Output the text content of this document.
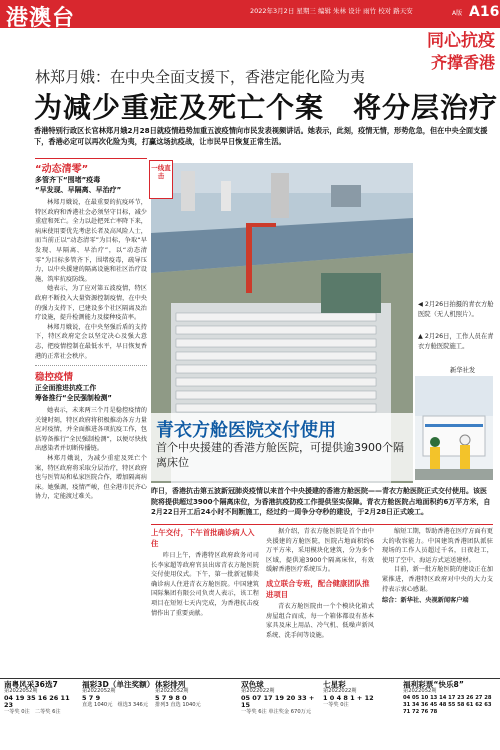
港澳台	2022年3月2日 星期三 编辑 朱林 设计 雨竹 校对 路天安	A版 A16
同心抗疫
齐撑香港
林郑月娥：在中央全面支援下，香港定能化险为夷
为减少重症及死亡个案　将分层治疗
香港特别行政区长官林郑月娥2月28日就疫情趋势加重五波疫情向市民发表视频讲话。她表示，此刻，疫情无情，形势危急，但在中央全面支援下，香港必定可以再次化险为夷，打赢这场抗疫战，让市民早日恢复正常生活。
“动态清零”
多管齐下“围堵”疫毒
“早发现、早隔离、早治疗”
林郑月娥说，在最重要的抗疫环节，特区政府和香港社会必须坚守目标，减少重症和死亡。全力以赴把死亡率降下来，病床使用要优先考虑长者及高风险人士，而当前正以“动态清零”为目标，争取“早发现、早隔离、早治疗”，以“动态清零”为目标多管齐下，围堵疫毒，疏导压力，以中央援建的隔离设施和社区治疗设施，筑牢抗疫防线。
她表示，为了应对第五波疫情，特区政府不断投入大量资源控制疫情，在中央的强力支持下，已建设多个社区隔离及治疗设施，提升检测能力及接种疫苗率。
林郑月娥说，在中央坚强后盾的支持下，特区政府定会以坚定决心及强大意志，把疫情控制在最低水平，早日恢复香港的正常社会秩序。
稳控疫情
正全面推进抗疫工作
筹备推行“全民强制检测”
她表示，未来两三个月是稳控疫情的关键时刻，特区政府将积极推动各方力量应对疫情，并全面推进各项抗疫工作，包括筹备推行“全民强制检测”，以便尽快找出感染者并切断传播链。
林郑月娥说，为减少重症及死亡个案，特区政府将采取分层治疗，特区政府也与医管局和私家医院合作，增加隔离病床。她强调，疫情严峻，但全港市民齐心协力，定能渡过难关。
一线直击
青衣方舱医院交付使用
首个中央援建的香港方舱医院，可提供逾3900个隔离床位
◀ 2月26日拍摄的青衣方舱医院（无人机照片）。
▲ 2月26日，工作人员在青衣方舱医院施工。
新华社发
昨日，香港抗击第五波新冠肺炎疫情以来首个中央援建的香港方舱医院——青衣方舱医院正式交付使用。该医院将提供超过3900个隔离床位，为香港抗疫防疫工作提供坚实保障。青衣方舱医院占地面积约6万平方米，自2月22日开工后24小时不间断施工，经过约一周争分夺秒的建设，于2月28日正式竣工。
上午交付，下午首批确诊病人入住
昨日上午，香港特区政府政务司司长李家超等政府官员出席青衣方舱医院交付使用仪式。下午，第一批新冠肺炎确诊病人住进青衣方舱医院。中国建筑国际集团有限公司负责人表示，该工程项目在短短七天内完成，为香港抗击疫情作出了重要贡献。
据介绍，青衣方舱医院是首个由中央援建的方舱医院，医院占地面积约6万平方米，采用模块化建筑，分为多个区域，提供逾3900个隔离床位，有效缓解香港医疗系统压力。
成立联合专班，配合健康团队推进项目
青衣方舱医院由一个个模块化箱式房屋组合而成，每一个箱体都设有基本家具及床上用品、冷气机、低噪声新风系统、洗手间等设施。
缩短工期，帮助香港在医疗方面有更大的收容能力。中国建筑香港团队派驻现场的工作人员超过千名，日夜赶工，使用了空中、海运方式运送建材。
目前，新一批方舱医院的建设正在加紧推进，香港特区政府对中央的大力支持表示衷心感谢。
综合：新华社、央视新闻客户端
南粤风采36选7
第2022052期
04 19 35 16 26 11 23
一等奖 0注　二等奖 6注
福彩3D（单注奖额）
第2022052期
5 7 9
直选 1040元　组选3 346元
体彩排列
第2022052期
5 7 9 8 0
排列3 直选 1040元
双色球
第2022022期
05 07 17 19 20 33 + 15
一等奖 6注 单注奖金 670万元
七星彩
第2022022期
1 0 4 8 1 + 12
一等奖 0注
福利彩票“快乐8”
第2022052期
04 05 10 13 14 17 23 26 27 28 31 34 36 45 48 55 58 61 62 63 71 72 76 78
